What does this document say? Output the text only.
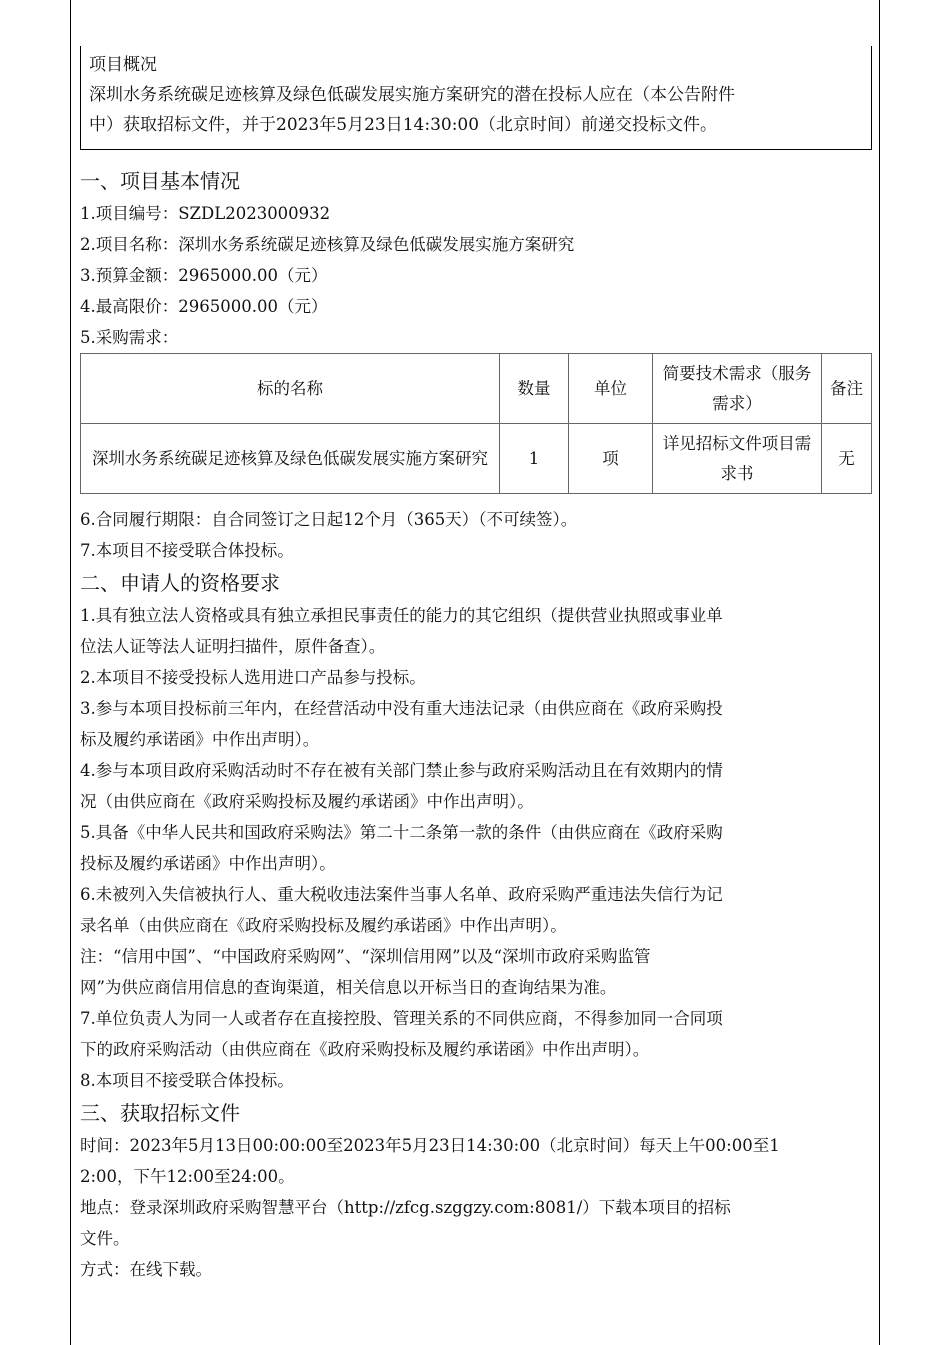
项目概况
深圳水务系统碳足迹核算及绿色低碳发展实施方案研究的潜在投标人应在（本公告附件
中）获取招标文件，并于2023年5月23日14:30:00（北京时间）前递交投标文件。
一、项目基本情况
1.项目编号：SZDL2023000932
2.项目名称：深圳水务系统碳足迹核算及绿色低碳发展实施方案研究
3.预算金额：2965000.00（元）
4.最高限价：2965000.00（元）
5.采购需求：
标的名称	数量	单位	简要技术需求（服务需求）	备注
深圳水务系统碳足迹核算及绿色低碳发展实施方案研究	1	项	详见招标文件项目需求书	无
6.合同履行期限：自合同签订之日起12个月（365天）（不可续签）。
7.本项目不接受联合体投标。
二、申请人的资格要求
1.具有独立法人资格或具有独立承担民事责任的能力的其它组织（提供营业执照或事业单
位法人证等法人证明扫描件，原件备查）。
2.本项目不接受投标人选用进口产品参与投标。
3.参与本项目投标前三年内，在经营活动中没有重大违法记录（由供应商在《政府采购投
标及履约承诺函》中作出声明）。
4.参与本项目政府采购活动时不存在被有关部门禁止参与政府采购活动且在有效期内的情
况（由供应商在《政府采购投标及履约承诺函》中作出声明）。
5.具备《中华人民共和国政府采购法》第二十二条第一款的条件（由供应商在《政府采购
投标及履约承诺函》中作出声明）。
6.未被列入失信被执行人、重大税收违法案件当事人名单、政府采购严重违法失信行为记
录名单（由供应商在《政府采购投标及履约承诺函》中作出声明）。
注：“信用中国”、“中国政府采购网”、“深圳信用网”以及“深圳市政府采购监管
网”为供应商信用信息的查询渠道，相关信息以开标当日的查询结果为准。
7.单位负责人为同一人或者存在直接控股、管理关系的不同供应商，不得参加同一合同项
下的政府采购活动（由供应商在《政府采购投标及履约承诺函》中作出声明）。
8.本项目不接受联合体投标。
三、获取招标文件
时间：2023年5月13日00:00:00至2023年5月23日14:30:00（北京时间）每天上午00:00至1
2:00，下午12:00至24:00。
地点：登录深圳政府采购智慧平台（http://zfcg.szggzy.com:8081/）下载本项目的招标
文件。
方式：在线下载。
